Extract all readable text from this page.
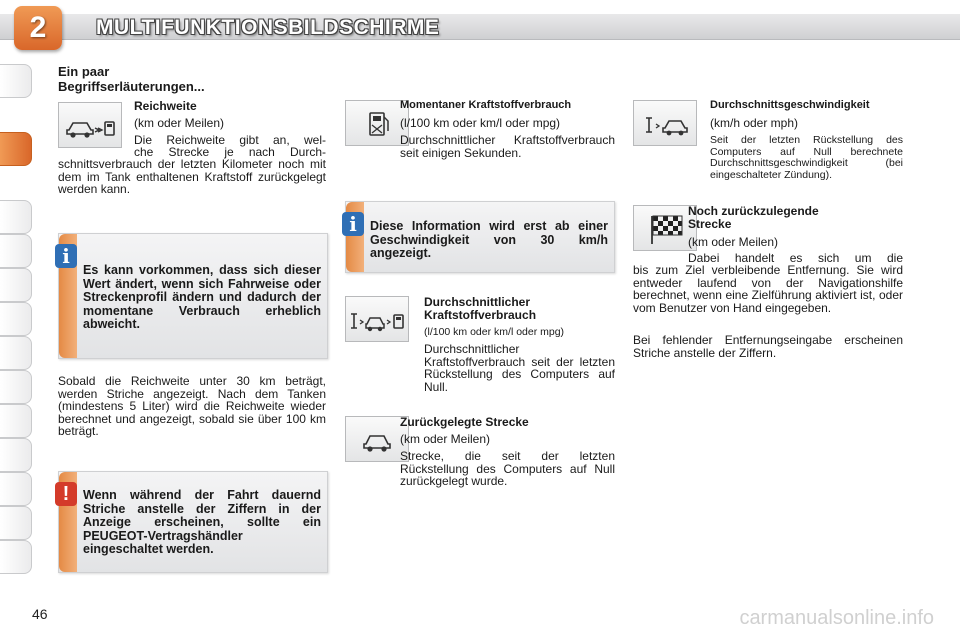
2	MULTIFUNKTIONSBILDSCHIRME
Ein paar
Begriffserläuterungen...
Reichweite
(km oder Meilen)
Die Reichweite gibt an, wel-
che Strecke je nach Durch-
schnittsverbrauch der letzten Kilometer noch mit dem im Tank enthaltenen Kraftstoff zurückgelegt werden kann.
Es kann vorkommen, dass sich dieser Wert ändert, wenn sich Fahrweise oder Streckenprofil ändern und dadurch der momentane Verbrauch erheblich abweicht.
i
Sobald die Reichweite unter 30 km beträgt, werden Striche angezeigt. Nach dem Tanken (mindestens 5 Liter) wird die Reichweite wieder berechnet und angezeigt, sobald sie über 100 km beträgt.
Wenn während der Fahrt dauernd Striche anstelle der Ziffern in der Anzeige erscheinen, sollte ein PEUGEOT-Vertragshändler eingeschaltet werden.
!
Momentaner Kraftstoffverbrauch
(l/100 km oder km/l oder mpg)
Durchschnittlicher Kraftstoffverbrauch seit einigen Sekunden.
Diese Information wird erst ab einer Geschwindigkeit von 30 km/h angezeigt.
i
Durchschnittlicher
Kraftstoffverbrauch
(l/100 km oder km/l oder mpg)
Durchschnittlicher Kraftstoffverbrauch seit der letzten Rückstellung des Computers auf Null.
Zurückgelegte Strecke
(km oder Meilen)
Strecke, die seit der letzten Rückstellung des Computers auf Null zurückgelegt wurde.
Durchschnittsgeschwindigkeit
(km/h oder mph)
Seit der letzten Rückstellung des Computers auf Null berechnete Durchschnittsgeschwindigkeit (bei eingeschalteter Zündung).
Noch zurückzulegende
Strecke
(km oder Meilen)
Dabei handelt es sich um die
bis zum Ziel verbleibende Entfernung. Sie wird entweder laufend von der Navigationshilfe berechnet, wenn eine Zielführung aktiviert ist, oder vom Benutzer von Hand eingegeben.
Bei fehlender Entfernungseingabe erscheinen Striche anstelle der Ziffern.
46	carmanualsonline.info
